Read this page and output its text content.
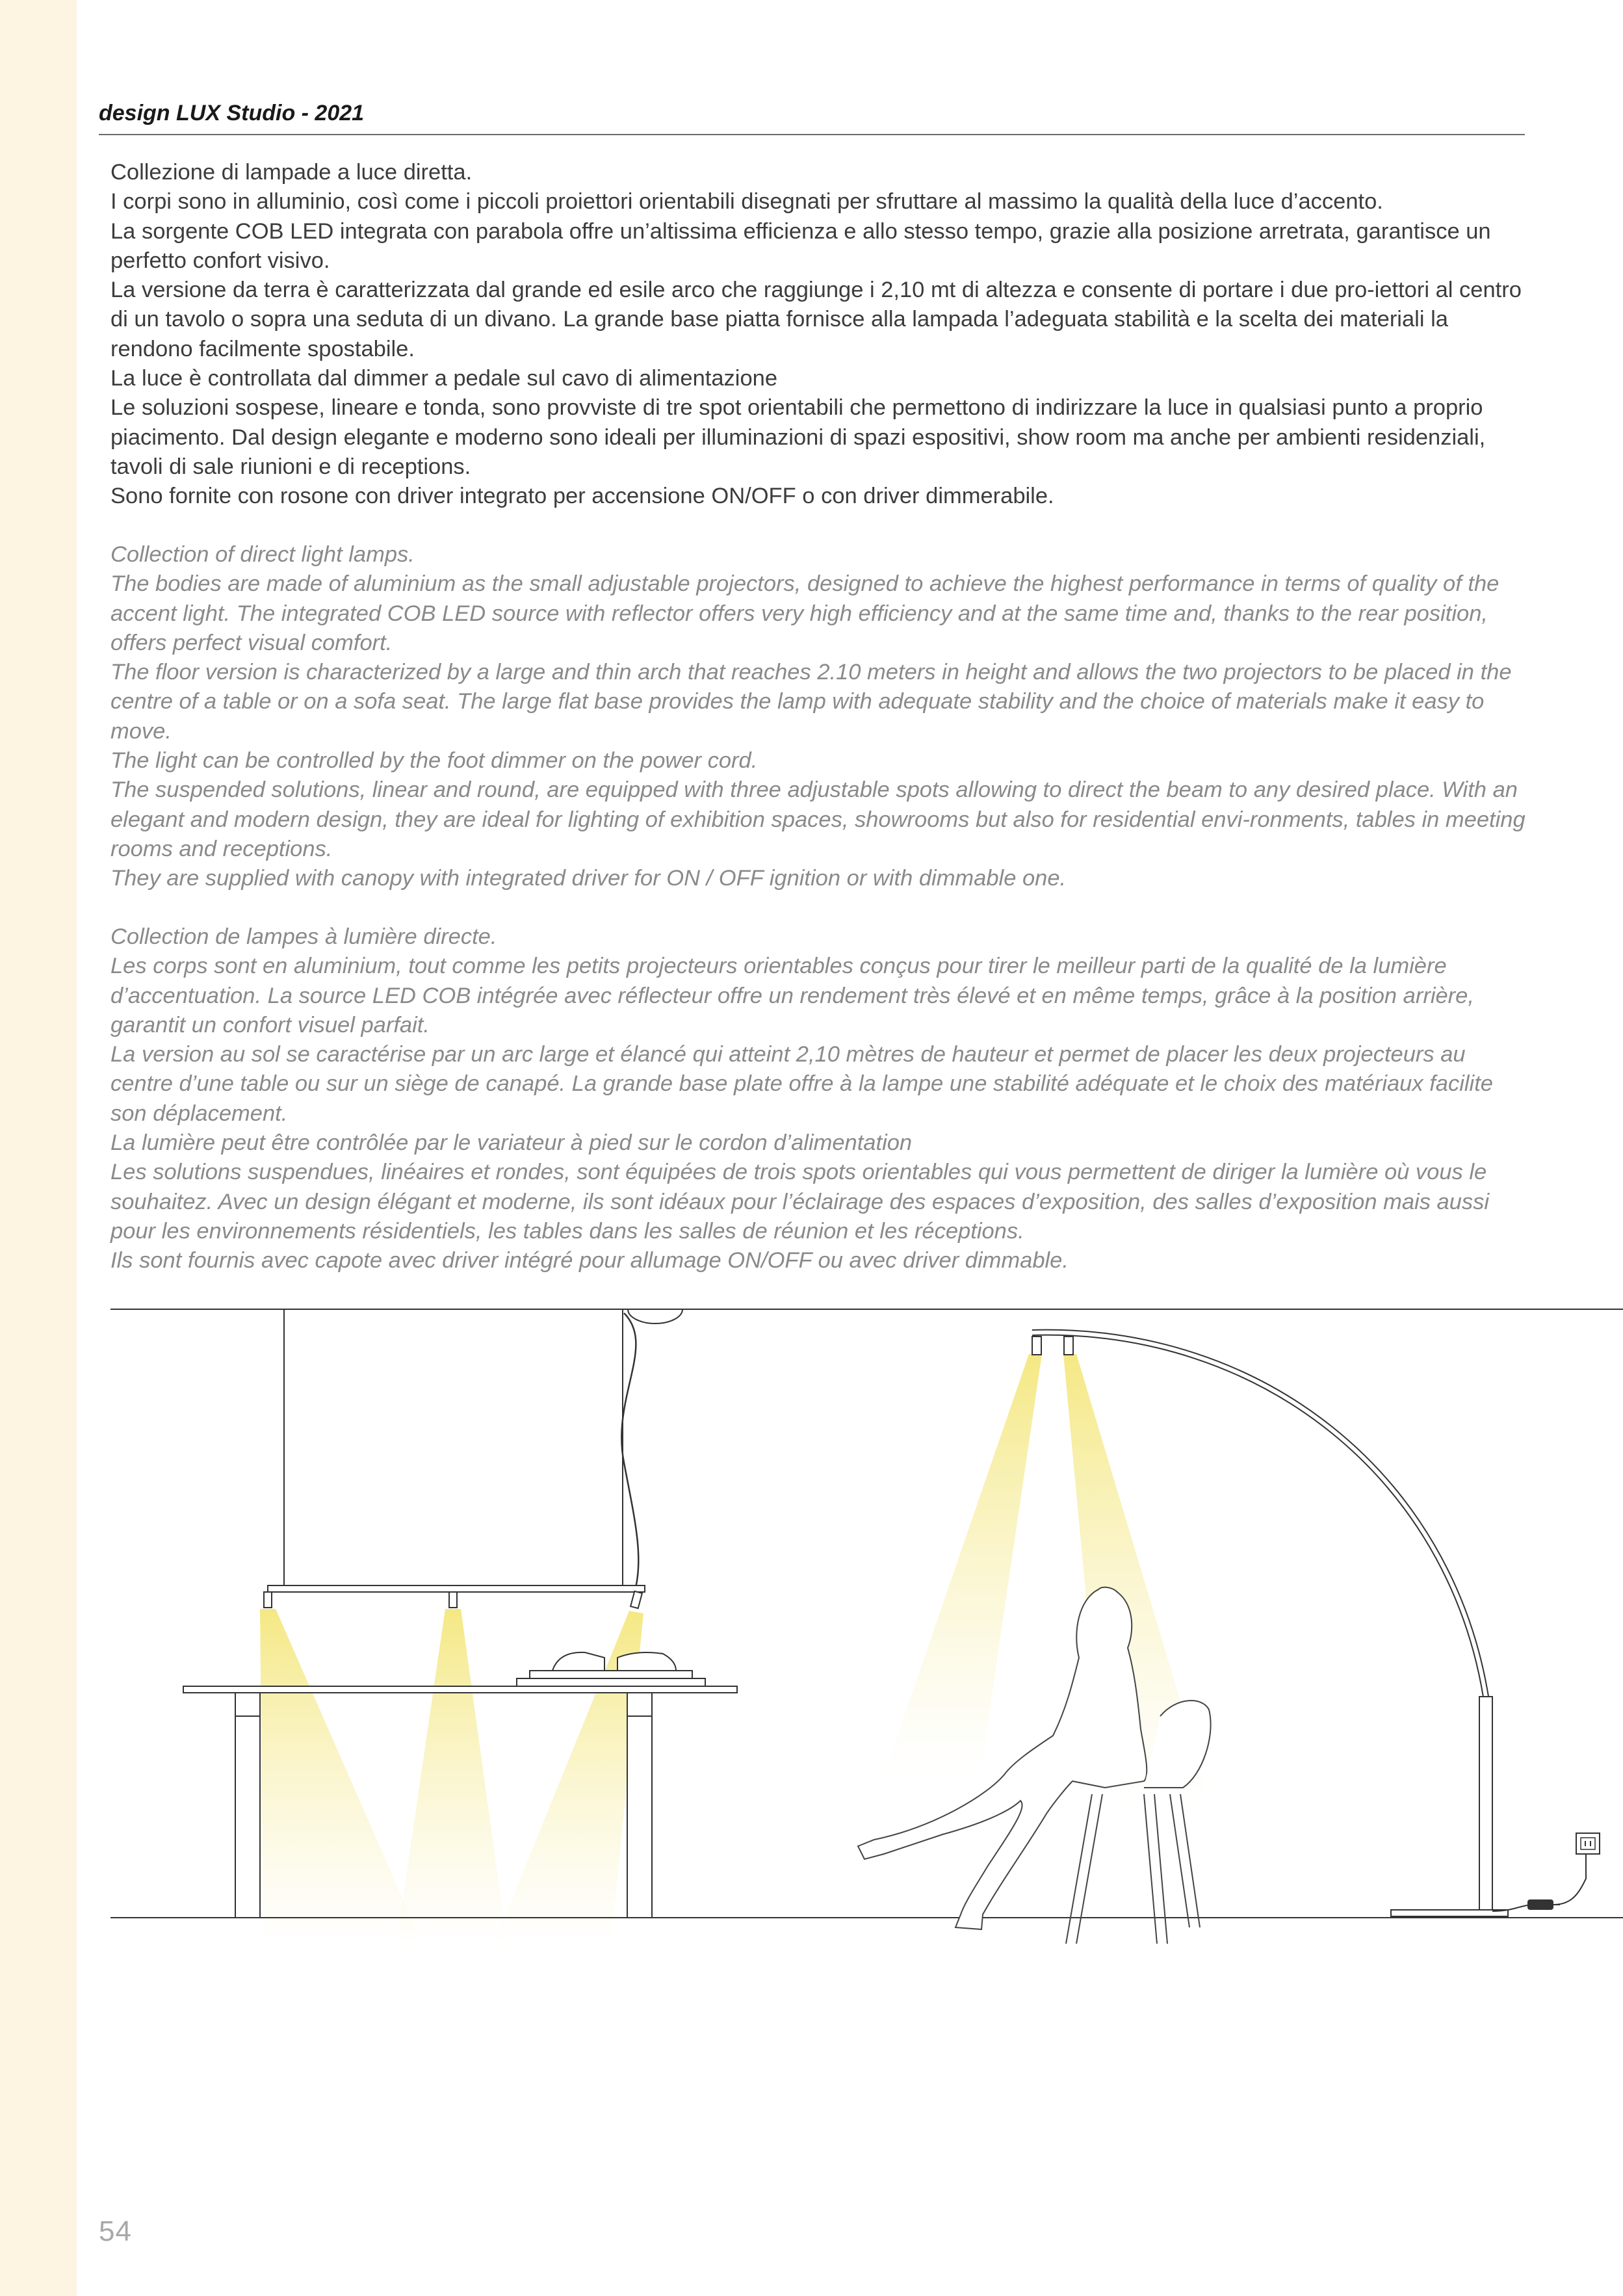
design LUX Studio - 2021

Collezione di lampade a luce diretta.

I corpi sono in alluminio, così come i piccoli proiettori orientabili disegnati per sfruttare al massimo la qualità della luce d’accento.

La sorgente COB LED integrata con parabola offre un’altissima efficienza e allo stesso tempo, grazie alla posizione arretrata, garantisce un perfetto confort visivo.

La versione da terra è caratterizzata dal grande ed esile arco che raggiunge i 2,10 mt di altezza e consente di portare i due pro-iettori al centro di un tavolo o sopra una seduta di un divano. La grande base piatta fornisce alla lampada l’adeguata stabilità e la scelta dei materiali la rendono facilmente spostabile.

La luce è controllata dal dimmer a pedale sul cavo di alimentazione

Le soluzioni sospese, lineare e tonda, sono provviste di tre spot orientabili che permettono di indirizzare la luce in qualsiasi punto a proprio piacimento. Dal design elegante e moderno sono ideali per illuminazioni di spazi espositivi, show room ma anche per ambienti residenziali, tavoli di sale riunioni e di receptions.

Sono fornite con rosone con driver integrato per accensione ON/OFF o con driver dimmerabile.

Collection of direct light lamps.

The bodies are made of aluminium as the small adjustable projectors, designed to achieve the highest performance in terms of quality of the accent light. The integrated COB LED source with reflector offers very high efficiency and at the same time and, thanks to the rear position, offers perfect visual comfort.

The floor version is characterized by a large and thin arch that reaches 2.10 meters in height and allows the two projectors to be placed in the centre of a table or on a sofa seat. The large flat base provides the lamp with adequate stability and the choice of materials make it easy to move.

The light can be controlled by the foot dimmer on the power cord.

The suspended solutions, linear and round, are equipped with three adjustable spots allowing to direct the beam to any desired place. With an elegant and modern design, they are ideal for lighting of exhibition spaces, showrooms but also for residential envi-ronments, tables in meeting rooms and receptions.

They are supplied with canopy with integrated driver for ON / OFF ignition or with dimmable one.

Collection de lampes à lumière directe.

Les corps sont en aluminium, tout comme les petits projecteurs orientables conçus pour tirer le meilleur parti de la qualité de la lumière d’accentuation. La source LED COB intégrée avec réflecteur offre un rendement très élevé et en même temps, grâce à la position arrière, garantit un confort visuel parfait.

La version au sol se caractérise par un arc large et élancé qui atteint 2,10 mètres de hauteur et permet de placer les deux projecteurs au centre d’une table ou sur un siège de canapé. La grande base plate offre à la lampe une stabilité adéquate et le choix des matériaux facilite son déplacement.

La lumière peut être contrôlée par le variateur à pied sur le cordon d’alimentation

Les solutions suspendues, linéaires et rondes, sont équipées de trois spots orientables qui vous permettent de diriger la lumière où vous le souhaitez. Avec un design élégant et moderne, ils sont idéaux pour l’éclairage des espaces d’exposition, des salles d’exposition mais aussi pour les environnements résidentiels, les tables dans les salles de réunion et les réceptions.

Ils sont fournis avec capote avec driver intégré pour allumage ON/OFF ou avec driver dimmable.

54
